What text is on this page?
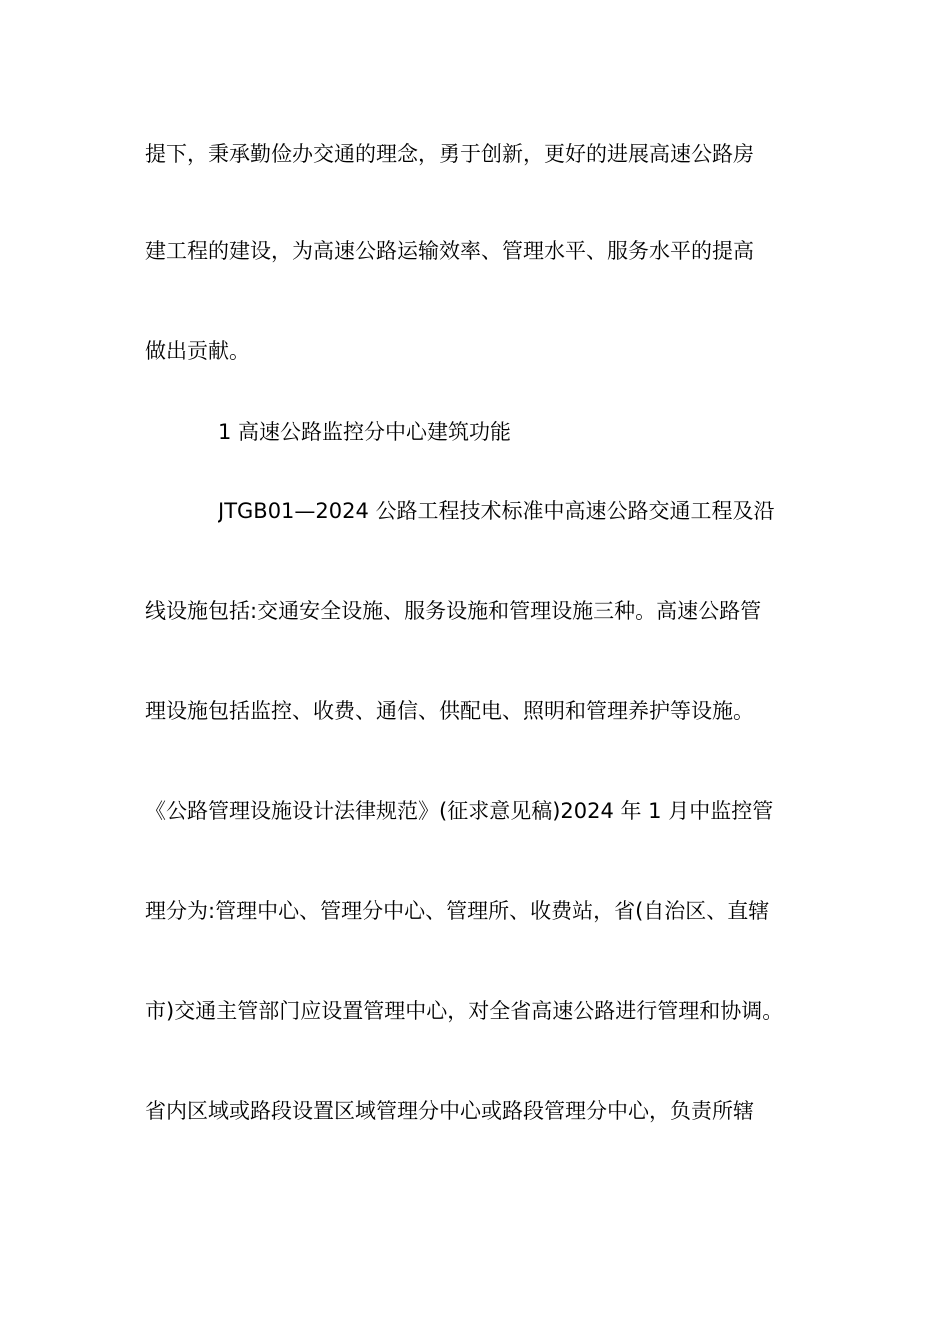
提下，秉承勤俭办交通的理念，勇于创新，更好的进展高速公路房
建工程的建设，为高速公路运输效率、管理水平、服务水平的提高
做出贡献。
1 高速公路监控分中心建筑功能
JTGB01—2024 公路工程技术标准中高速公路交通工程及沿
线设施包括:交通安全设施、服务设施和管理设施三种。高速公路管
理设施包括监控、收费、通信、供配电、照明和管理养护等设施。
《公路管理设施设计法律规范》(征求意见稿)2024 年 1 月中监控管
理分为:管理中心、管理分中心、管理所、收费站，省(自治区、直辖
市)交通主管部门应设置管理中心，对全省高速公路进行管理和协调。
省内区域或路段设置区域管理分中心或路段管理分中心，负责所辖
